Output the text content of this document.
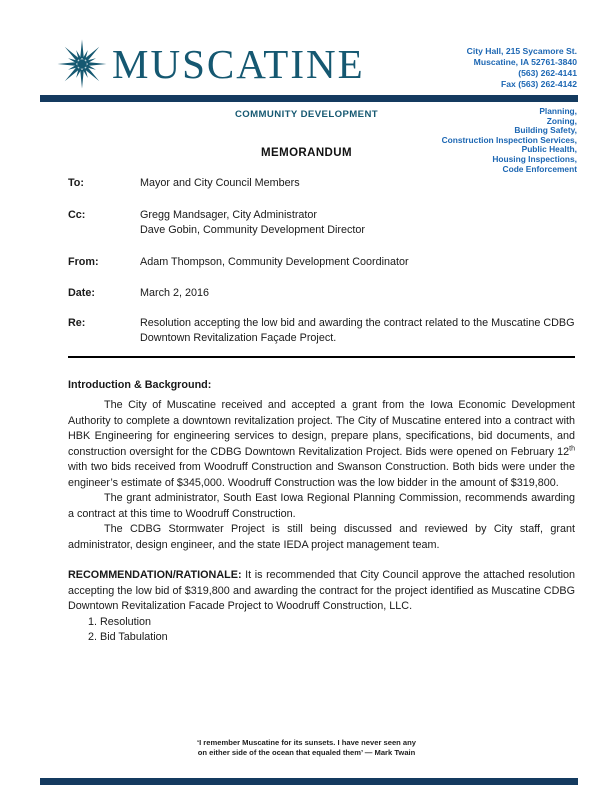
MUSCATINE	City Hall, 215 Sycamore St.
Muscatine, IA 52761-3840
(563) 262-4141
Fax (563) 262-4142
COMMUNITY DEVELOPMENT	Planning,
Zoning,
Building Safety,
Construction Inspection Services,
Public Health,
Housing Inspections,
Code Enforcement
MEMORANDUM
To:	Mayor and City Council Members
Cc:	Gregg Mandsager, City Administrator
Dave Gobin, Community Development Director
From:	Adam Thompson, Community Development Coordinator
Date:	March 2, 2016
Re:	Resolution accepting the low bid and awarding the contract related to the Muscatine CDBG Downtown Revitalization Façade Project.
Introduction & Background:

The City of Muscatine received and accepted a grant from the Iowa Economic Development Authority to complete a downtown revitalization project. The City of Muscatine entered into a contract with HBK Engineering for engineering services to design, prepare plans, specifications, bid documents, and construction oversight for the CDBG Downtown Revitalization Project. Bids were opened on February 12th with two bids received from Woodruff Construction and Swanson Construction. Both bids were under the engineer’s estimate of $345,000. Woodruff Construction was the low bidder in the amount of $319,800.

The grant administrator, South East Iowa Regional Planning Commission, recommends awarding a contract at this time to Woodruff Construction.

The CDBG Stormwater Project is still being discussed and reviewed by City staff, grant administrator, design engineer, and the state IEDA project management team.

RECOMMENDATION/RATIONALE: It is recommended that City Council approve the attached resolution accepting the low bid of $319,800 and awarding the contract for the project identified as Muscatine CDBG Downtown Revitalization Facade Project to Woodruff Construction, LLC.

1. Resolution
2. Bid Tabulation
‘I remember Muscatine for its sunsets. I have never seen any
on either side of the ocean that equaled them’ — Mark Twain
